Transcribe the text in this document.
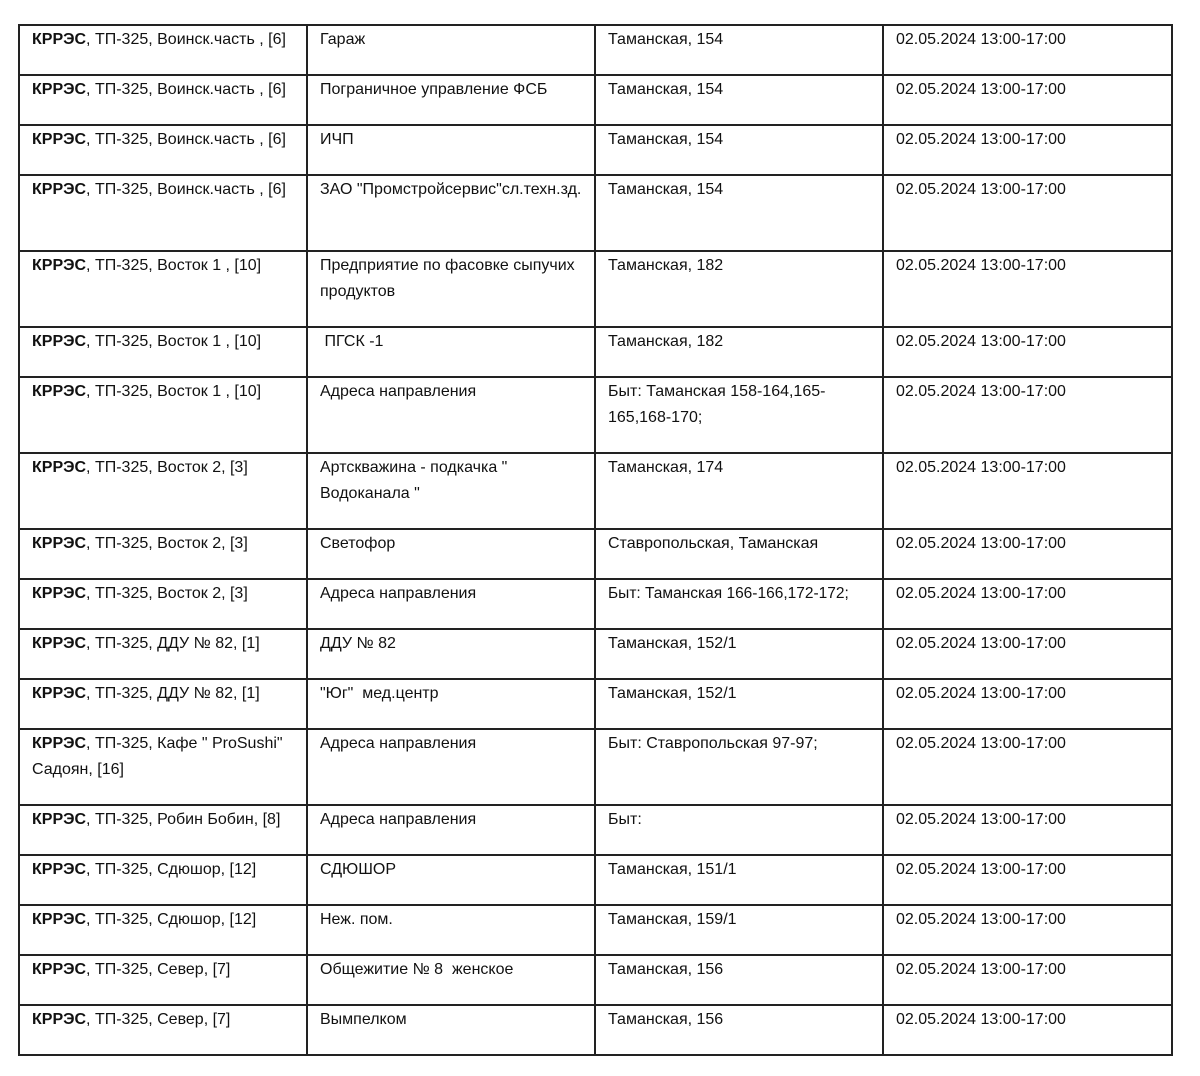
КРРЭС, ТП-325, Воинск.часть , [6]	Гараж	Таманская, 154	02.05.2024 13:00-17:00
КРРЭС, ТП-325, Воинск.часть , [6]	Пограничное управление ФСБ	Таманская, 154	02.05.2024 13:00-17:00
КРРЭС, ТП-325, Воинск.часть , [6]	ИЧП	Таманская, 154	02.05.2024 13:00-17:00
КРРЭС, ТП-325, Воинск.часть , [6]	ЗАО "Промстройсервис"сл.техн.зд.	Таманская, 154	02.05.2024 13:00-17:00
КРРЭС, ТП-325, Восток 1 , [10]	Предприятие по фасовке сыпучих продуктов	Таманская, 182	02.05.2024 13:00-17:00
КРРЭС, ТП-325, Восток 1 , [10]	ПГСК -1	Таманская, 182	02.05.2024 13:00-17:00
КРРЭС, ТП-325, Восток 1 , [10]	Адреса направления	Быт: Таманская 158-164,165-165,168-170;	02.05.2024 13:00-17:00
КРРЭС, ТП-325, Восток 2, [3]	Артскважина - подкачка " Водоканала "	Таманская, 174	02.05.2024 13:00-17:00
КРРЭС, ТП-325, Восток 2, [3]	Светофор	Ставропольская, Таманская	02.05.2024 13:00-17:00
КРРЭС, ТП-325, Восток 2, [3]	Адреса направления	Быт: Таманская 166-166,172-172;	02.05.2024 13:00-17:00
КРРЭС, ТП-325, ДДУ № 82, [1]	ДДУ № 82	Таманская, 152/1	02.05.2024 13:00-17:00
КРРЭС, ТП-325, ДДУ № 82, [1]	"Юг"  мед.центр	Таманская, 152/1	02.05.2024 13:00-17:00
КРРЭС, ТП-325, Кафе " ProSushi" Садоян, [16]	Адреса направления	Быт: Ставропольская 97-97;	02.05.2024 13:00-17:00
КРРЭС, ТП-325, Робин Бобин, [8]	Адреса направления	Быт:	02.05.2024 13:00-17:00
КРРЭС, ТП-325, Сдюшор, [12]	СДЮШОР	Таманская, 151/1	02.05.2024 13:00-17:00
КРРЭС, ТП-325, Сдюшор, [12]	Неж. пом.	Таманская, 159/1	02.05.2024 13:00-17:00
КРРЭС, ТП-325, Север, [7]	Общежитие № 8  женское	Таманская, 156	02.05.2024 13:00-17:00
КРРЭС, ТП-325, Север, [7]	Вымпелком	Таманская, 156	02.05.2024 13:00-17:00
